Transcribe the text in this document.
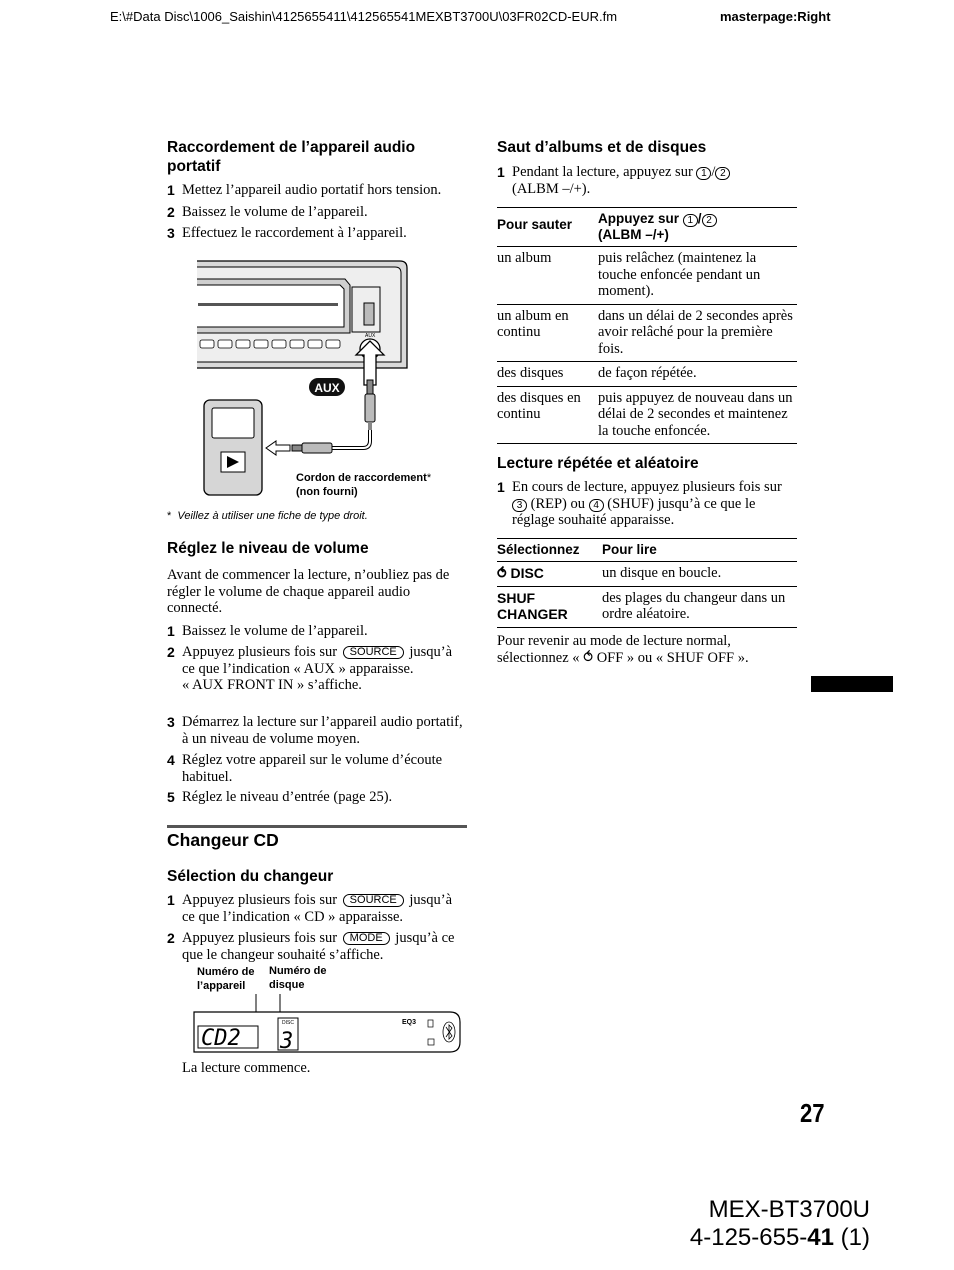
E:\#Data Disc\1006_Saishin\4125655411\412565541MEXBT3700U\03FR02CD-EUR.fm	masterpage:Right
Raccordement de l’appareil audio portatif
1 Mettez l’appareil audio portatif hors tension.
2 Baissez le volume de l’appareil.
3 Effectuez le raccordement à l’appareil.
AUX
AUX
Cordon de raccordement*
(non fourni)
* Veillez à utiliser une fiche de type droit.
Réglez le niveau de volume
Avant de commencer la lecture, n’oubliez pas de régler le volume de chaque appareil audio connecté.
1 Baissez le volume de l’appareil.
2 Appuyez plusieurs fois sur SOURCE jusqu’à ce que l’indication « AUX » apparaisse.
« AUX FRONT IN » s’affiche.
3 Démarrez la lecture sur l’appareil audio portatif, à un niveau de volume moyen.
4 Réglez votre appareil sur le volume d’écoute habituel.
5 Réglez le niveau d’entrée (page 25).
Changeur CD
Sélection du changeur
1 Appuyez plusieurs fois sur SOURCE jusqu’à ce que l’indication « CD » apparaisse.
2 Appuyez plusieurs fois sur MODE jusqu’à ce que le changeur souhaité s’affiche.
Numéro de l’appareil
Numéro de disque
CD2
DISC
3
EQ3
La lecture commence.
Saut d’albums et de disques
1 Pendant la lecture, appuyez sur 1 / 2
(ALBM –/+).
Pour sauter	Appuyez sur 1 / 2
(ALBM –/+)
un album	puis relâchez (maintenez la touche enfoncée pendant un moment).
un album en continu	dans un délai de 2 secondes après avoir relâché pour la première fois.
des disques	de façon répétée.
des disques en continu	puis appuyez de nouveau dans un délai de 2 secondes et maintenez la touche enfoncée.
Lecture répétée et aléatoire
1 En cours de lecture, appuyez plusieurs fois sur 3 (REP) ou 4 (SHUF) jusqu’à ce que le réglage souhaité apparaisse.
Sélectionnez	Pour lire
⥀ DISC	un disque en boucle.
SHUF CHANGER	des plages du changeur dans un ordre aléatoire.
Pour revenir au mode de lecture normal, sélectionnez « ⥀ OFF » ou « SHUF OFF ».
27
MEX-BT3700U
4-125-655-41 (1)
